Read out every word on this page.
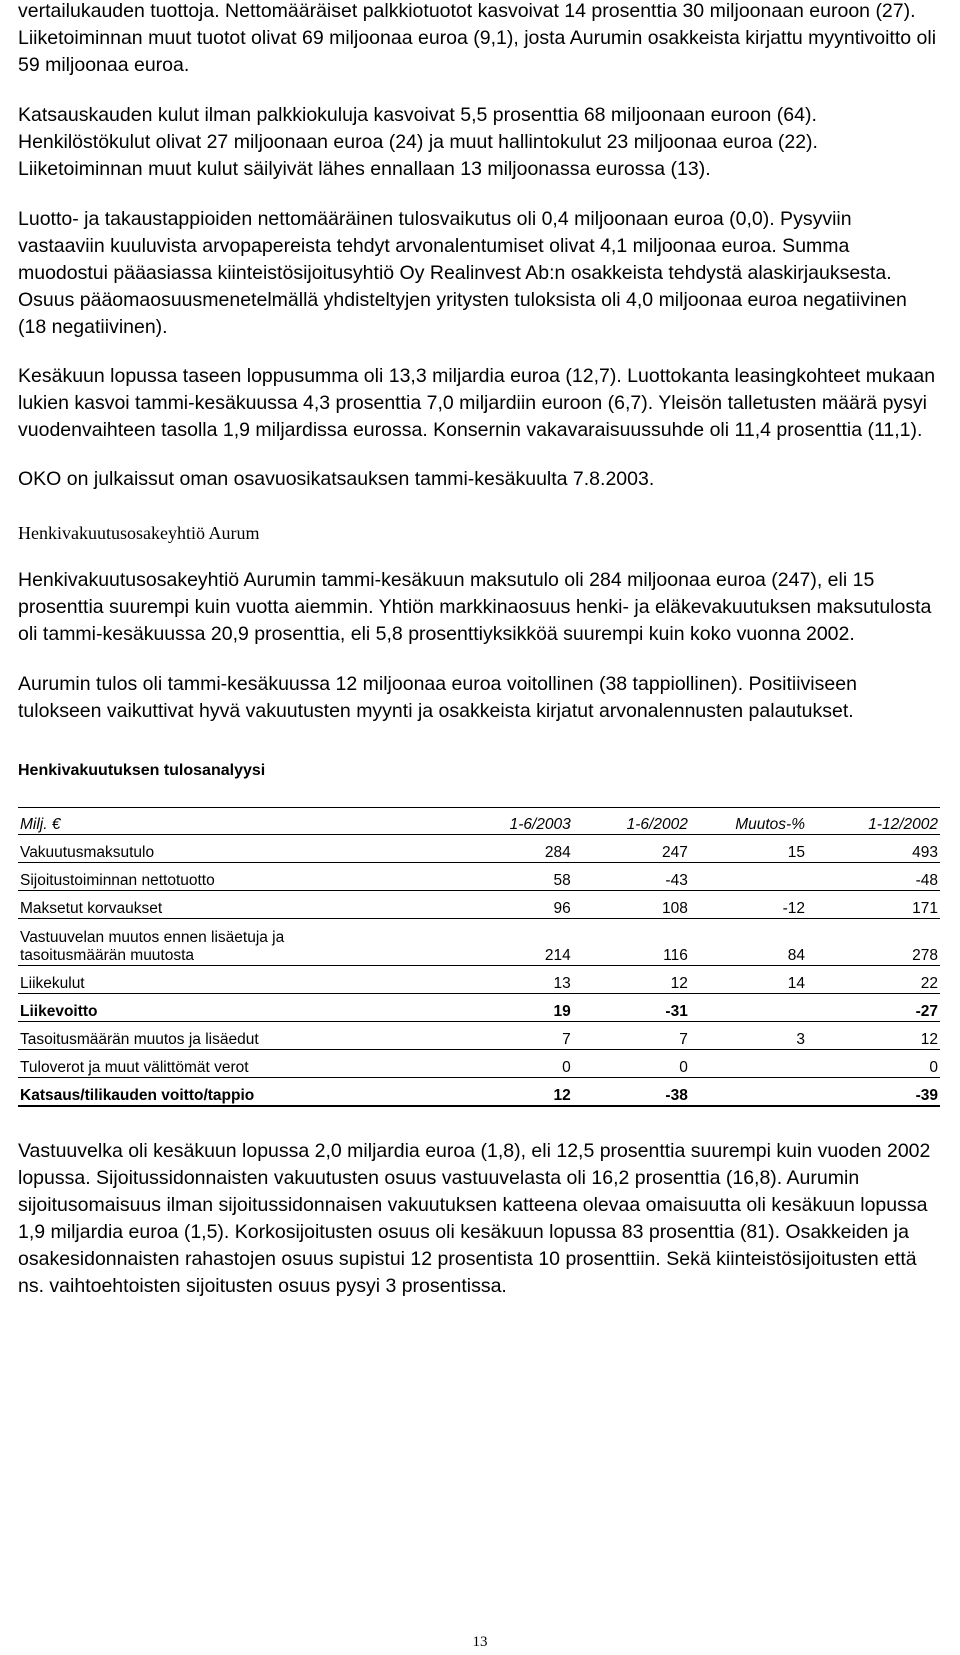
vertailukauden tuottoja. Nettomääräiset palkkiotuotot kasvoivat 14 prosenttia 30 miljoonaan euroon (27). Liiketoiminnan muut tuotot olivat 69 miljoonaa euroa (9,1), josta Aurumin osakkeista kirjattu myyntivoitto oli 59 miljoonaa euroa.

Katsauskauden kulut ilman palkkiokuluja kasvoivat 5,5 prosenttia 68 miljoonaan euroon (64). Henkilöstökulut olivat 27 miljoonaan euroa (24) ja muut hallintokulut 23 miljoonaa euroa (22). Liiketoiminnan muut kulut säilyivät lähes ennallaan 13 miljoonassa eurossa (13).

Luotto- ja takaustappioiden nettomääräinen tulosvaikutus oli 0,4 miljoonaan euroa (0,0). Pysyviin vastaaviin kuuluvista arvopapereista tehdyt arvonalentumiset olivat 4,1 miljoonaa euroa. Summa muodostui pääasiassa kiinteistösijoitusyhtiö Oy Realinvest Ab:n osakkeista tehdystä alaskirjauksesta. Osuus pääomaosuusmenetelmällä yhdisteltyjen yritysten tuloksista oli 4,0 miljoonaa euroa negatiivinen (18 negatiivinen).

Kesäkuun lopussa taseen loppusumma oli 13,3 miljardia euroa (12,7). Luottokanta leasingkohteet mukaan lukien kasvoi tammi-kesäkuussa 4,3 prosenttia 7,0 miljardiin euroon (6,7). Yleisön talletusten määrä pysyi vuodenvaihteen tasolla 1,9 miljardissa eurossa. Konsernin vakavaraisuussuhde oli 11,4 prosenttia (11,1).

OKO on julkaissut oman osavuosikatsauksen tammi-kesäkuulta 7.8.2003.

Henkivakuutusosakeyhtiö Aurum

Henkivakuutusosakeyhtiö Aurumin tammi-kesäkuun maksutulo oli 284 miljoonaa euroa (247), eli 15 prosenttia suurempi kuin vuotta aiemmin. Yhtiön markkinaosuus henki- ja eläkevakuutuksen maksutulosta oli tammi-kesäkuussa 20,9 prosenttia, eli 5,8 prosenttiyksikköä suurempi kuin koko vuonna 2002.

Aurumin tulos oli tammi-kesäkuussa 12 miljoonaa euroa voitollinen (38 tappiollinen). Positiiviseen tulokseen vaikuttivat hyvä vakuutusten myynti ja osakkeista kirjatut arvonalennusten palautukset.

Henkivakuutuksen tulosanalyysi
Milj. €	1-6/2003	1-6/2002	Muutos-%	1-12/2002
Vakuutusmaksutulo	284	247	15	493
Sijoitustoiminnan nettotuotto	58	-43		-48
Maksetut korvaukset	96	108	-12	171
Vastuuvelan muutos ennen lisäetuja ja
tasoitusmäärän muutosta	214	116	84	278
Liikekulut	13	12	14	22
Liikevoitto	19	-31		-27
Tasoitusmäärän muutos ja lisäedut	7	7	3	12
Tuloverot ja muut välittömät verot	0	0		0
Katsaus/tilikauden voitto/tappio	12	-38		-39

Vastuuvelka oli kesäkuun lopussa 2,0 miljardia euroa (1,8), eli 12,5 prosenttia suurempi kuin vuoden 2002 lopussa. Sijoitussidonnaisten vakuutusten osuus vastuuvelasta oli 16,2 prosenttia (16,8). Aurumin sijoitusomaisuus ilman sijoitussidonnaisen vakuutuksen katteena olevaa omaisuutta oli kesäkuun lopussa 1,9 miljardia euroa (1,5). Korkosijoitusten osuus oli kesäkuun lopussa 83 prosenttia (81). Osakkeiden ja osakesidonnaisten rahastojen osuus supistui 12 prosentista 10 prosenttiin. Sekä kiinteistösijoitusten että ns. vaihtoehtoisten sijoitusten osuus pysyi 3 prosentissa.

13
